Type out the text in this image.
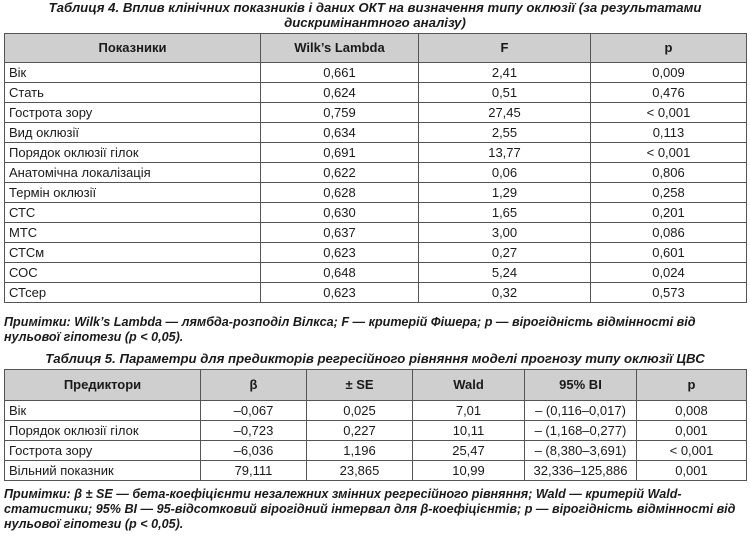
Таблиця 4. Вплив клінічних показників і даних ОКТ на визначення типу оклюзії (за результатами дискримінантного аналізу)

Показники	Wilk’s Lambda	F	p
Вік	0,661	2,41	0,009
Стать	0,624	0,51	0,476
Гострота зору	0,759	27,45	< 0,001
Вид оклюзії	0,634	2,55	0,113
Порядок оклюзії гілок	0,691	13,77	< 0,001
Анатомічна локалізація	0,622	0,06	0,806
Термін оклюзії	0,628	1,29	0,258
СТС	0,630	1,65	0,201
МТС	0,637	3,00	0,086
СТСм	0,623	0,27	0,601
СОС	0,648	5,24	0,024
СТсер	0,623	0,32	0,573

Примітки: Wilk’s Lambda — лямбда-розподіл Вілкса; F — критерій Фішера; р — вірогідність відмінності від нульової гіпотези (р < 0,05).

Таблиця 5. Параметри для предикторів регресійного рівняння моделі прогнозу типу оклюзії ЦВС

Предиктори	β	± SE	Wald	95% ВІ	р
Вік	–0,067	0,025	7,01	– (0,116–0,017)	0,008
Порядок оклюзії гілок	–0,723	0,227	10,11	– (1,168–0,277)	0,001
Гострота зору	–6,036	1,196	25,47	– (8,380–3,691)	< 0,001
Вільний показник	79,111	23,865	10,99	32,336–125,886	0,001

Примітки: β ± SE — бета-коефіцієнти незалежних змінних регресійного рівняння; Wald — критерій Wald-статистики; 95% ВІ — 95-відсотковий вірогідний інтервал для β-коефіцієнтів; р — вірогідність відмінності від нульової гіпотези (р < 0,05).
